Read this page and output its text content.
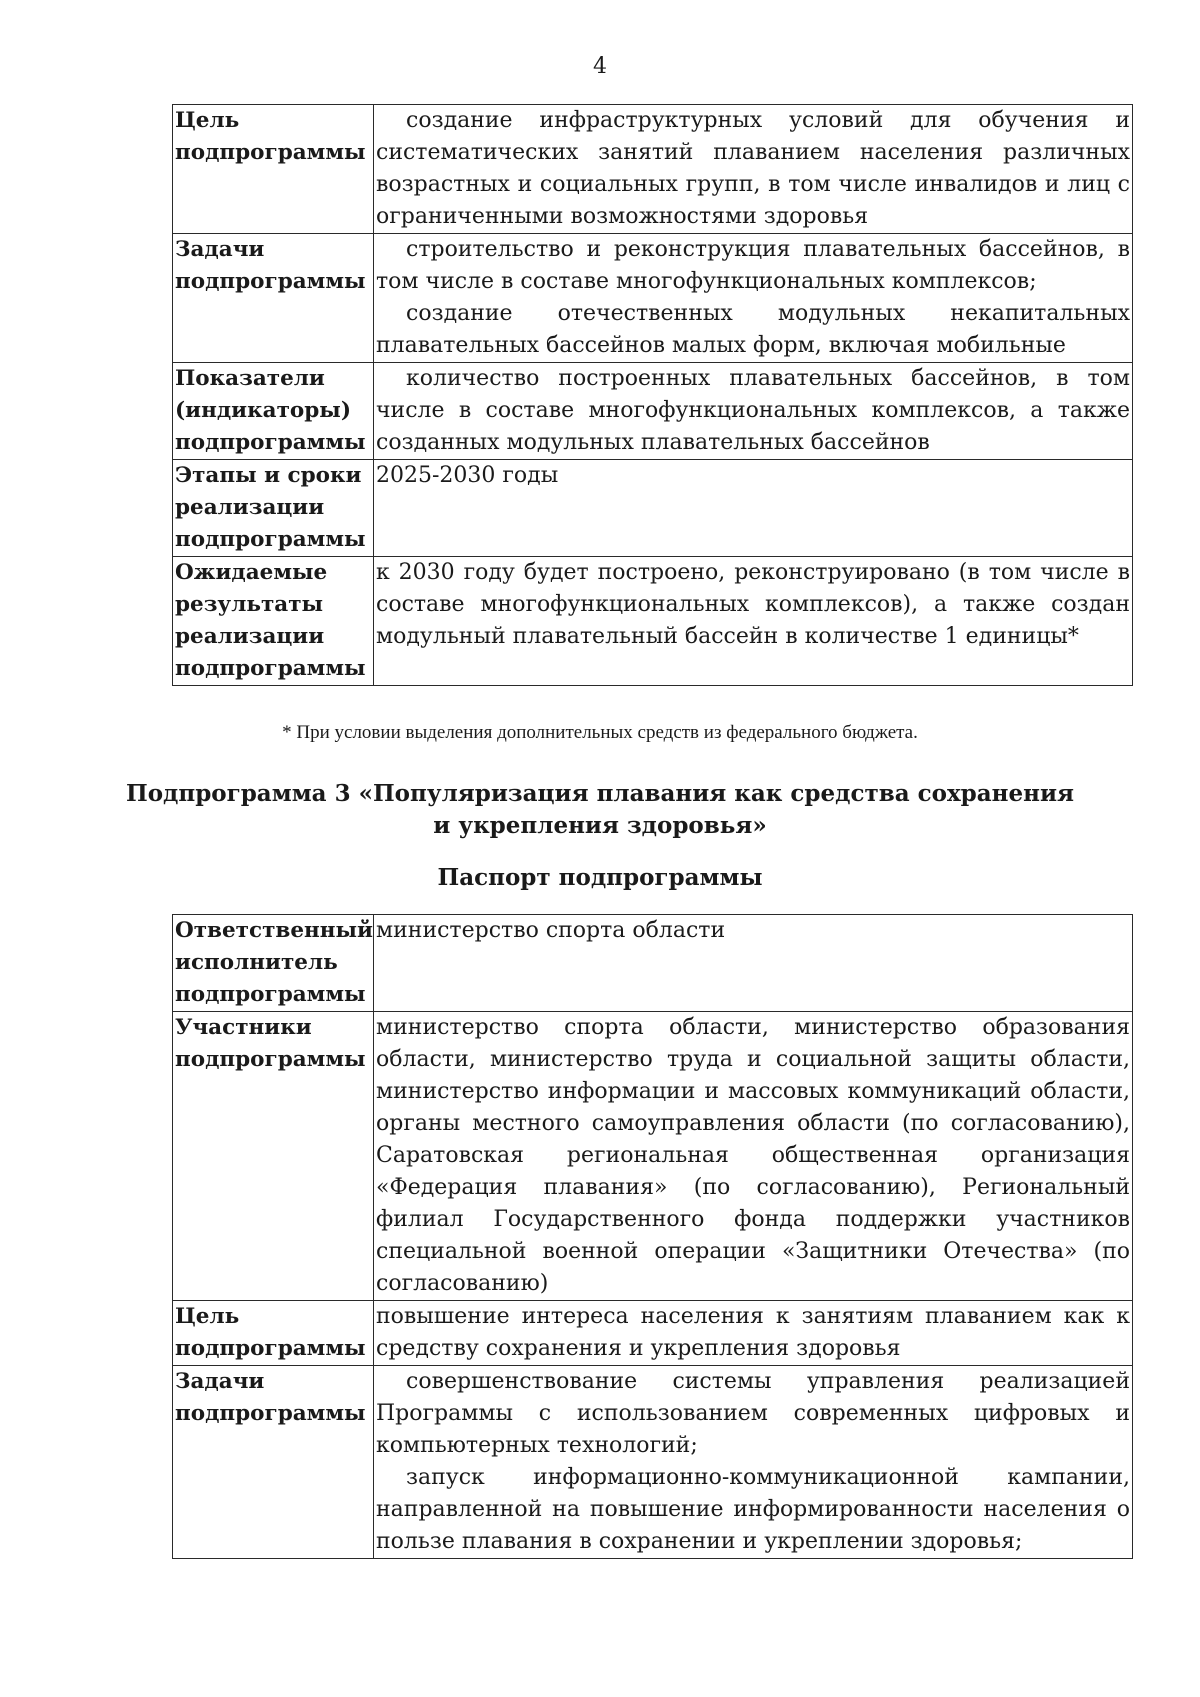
4
Цель
подпрограммы	создание инфраструктурных условий для обучения и систематических занятий плаванием населения различных возрастных и социальных групп, в том числе инвалидов и лиц с ограниченными возможностями здоровья

Задачи
подпрограммы	строительство и реконструкция плавательных бассейнов, в том числе в составе многофункциональных комплексов;
создание отечественных модульных некапитальных плавательных бассейнов малых форм, включая мобильные

Показатели
(индикаторы)
подпрограммы	количество построенных плавательных бассейнов, в том числе в составе многофункциональных комплексов, а также созданных модульных плавательных бассейнов

Этапы и сроки
реализации
подпрограммы	2025-2030 годы

Ожидаемые
результаты
реализации
подпрограммы	к 2030 году будет построено, реконструировано (в том числе в составе многофункциональных комплексов), а также создан модульный плавательный бассейн в количестве 1 единицы*
* При условии выделения дополнительных средств из федерального бюджета.
Подпрограмма 3 «Популяризация плавания как средства сохранения
и укрепления здоровья»
Паспорт подпрограммы
Ответственный
исполнитель
подпрограммы	министерство спорта области

Участники
подпрограммы	министерство спорта области, министерство образования области, министерство труда и социальной защиты области, министерство информации и массовых коммуникаций области, органы местного самоуправления области (по согласованию), Саратовская региональная общественная организация «Федерация плавания» (по согласованию), Региональный филиал Государственного фонда поддержки участников специальной военной операции «Защитники Отечества» (по согласованию)

Цель
подпрограммы	повышение интереса населения к занятиям плаванием как к средству сохранения и укрепления здоровья

Задачи
подпрограммы	совершенствование системы управления реализацией Программы с использованием современных цифровых и компьютерных технологий;
запуск информационно-коммуникационной кампании, направленной на повышение информированности населения о пользе плавания в сохранении и укреплении здоровья;
